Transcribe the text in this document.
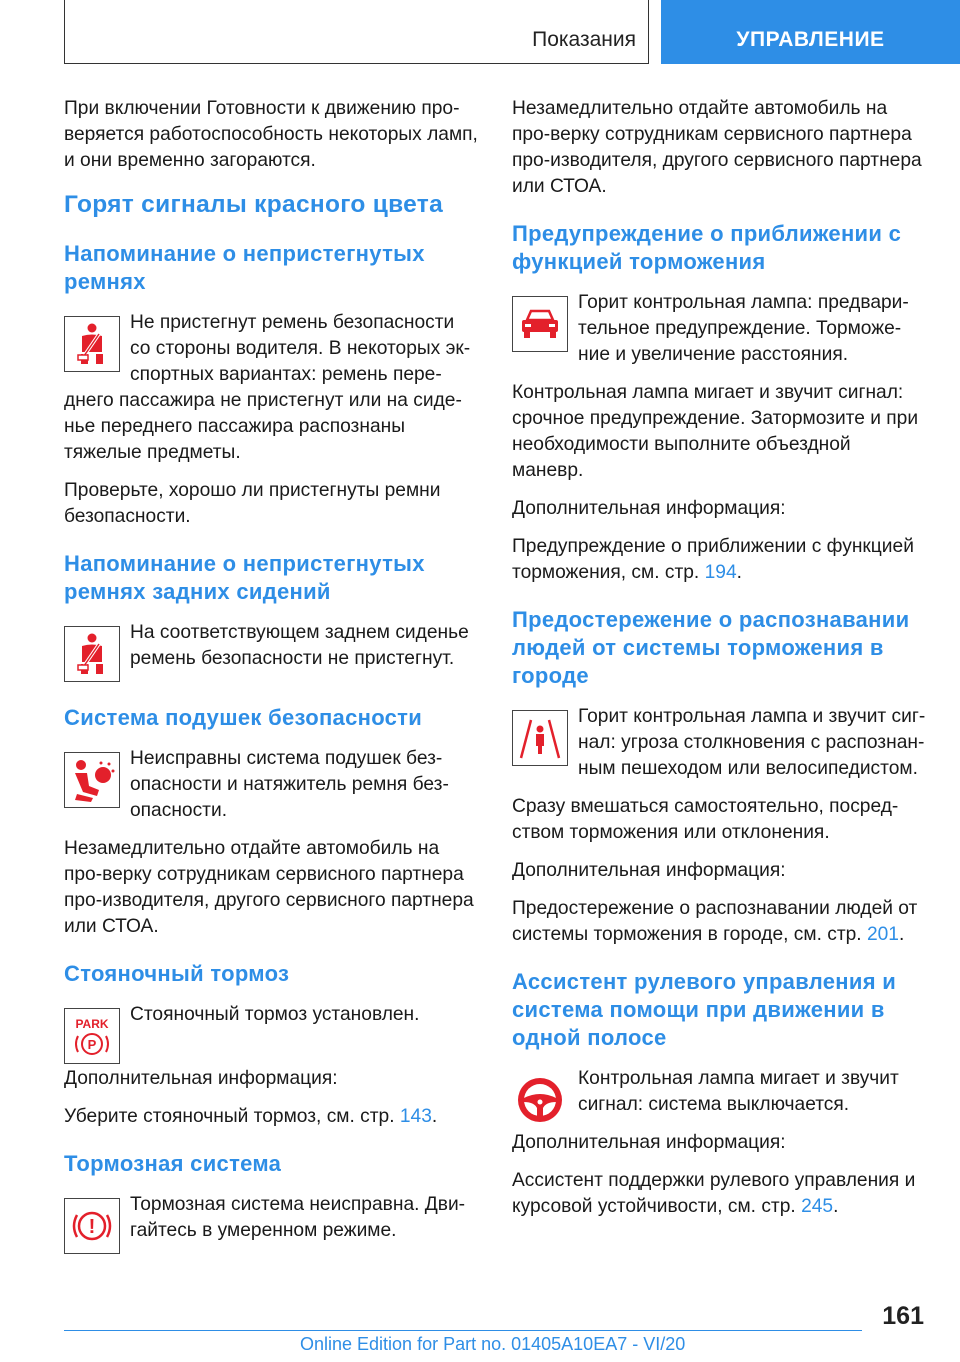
Показания	УПРАВЛЕНИЕ

При включении Готовности к движению про-веряется работоспособность некоторых ламп, и они временно загораются.

Горят сигналы красного цвета
Напоминание о непристегнутых ремнях

Не пристегнут ремень безопасности со стороны водителя. В некоторых эк-спортных вариантах: ремень пере-днего пассажира не пристегнут или на сиде-нье переднего пассажира распознаны тяжелые предметы.

Проверьте, хорошо ли пристегнуты ремни безопасности.

Напоминание о непристегнутых ремнях задних сидений

На соответствующем заднем сиденье ремень безопасности не пристегнут.

Система подушек безопасности

Неисправны система подушек без-опасности и натяжитель ремня без-опасности.

Незамедлительно отдайте автомобиль на про-верку сотрудникам сервисного партнера про-изводителя, другого сервисного партнера или СТОА.

Стояночный тормоз
PARK
P

Стояночный тормоз установлен.

Дополнительная информация:

Уберите стояночный тормоз, см. стр. 143.

Тормозная система
!

Тормозная система неисправна. Дви-гайтесь в умеренном режиме.

Незамедлительно отдайте автомобиль на про-верку сотрудникам сервисного партнера про-изводителя, другого сервисного партнера или СТОА.

Предупреждение о приближении с функцией торможения

Горит контрольная лампа: предвари-тельное предупреждение. Торможе-ние и увеличение расстояния.

Контрольная лампа мигает и звучит сигнал: срочное предупреждение. Затормозите и при необходимости выполните объездной маневр.

Дополнительная информация:

Предупреждение о приближении с функцией торможения, см. стр. 194.

Предостережение о распознавании людей от системы торможения в городе

Горит контрольная лампа и звучит сиг-нал: угроза столкновения с распознан-ным пешеходом или велосипедистом.

Сразу вмешаться самостоятельно, посред-ством торможения или отклонения.

Дополнительная информация:

Предостережение о распознавании людей от системы торможения в городе, см. стр. 201.

Ассистент рулевого управления и система помощи при движении в одной полосе

Контрольная лампа мигает и звучит сигнал: система выключается.

Дополнительная информация:

Ассистент поддержки рулевого управления и курсовой устойчивости, см. стр. 245.

161
Online Edition for Part no. 01405A10EA7 - VI/20
